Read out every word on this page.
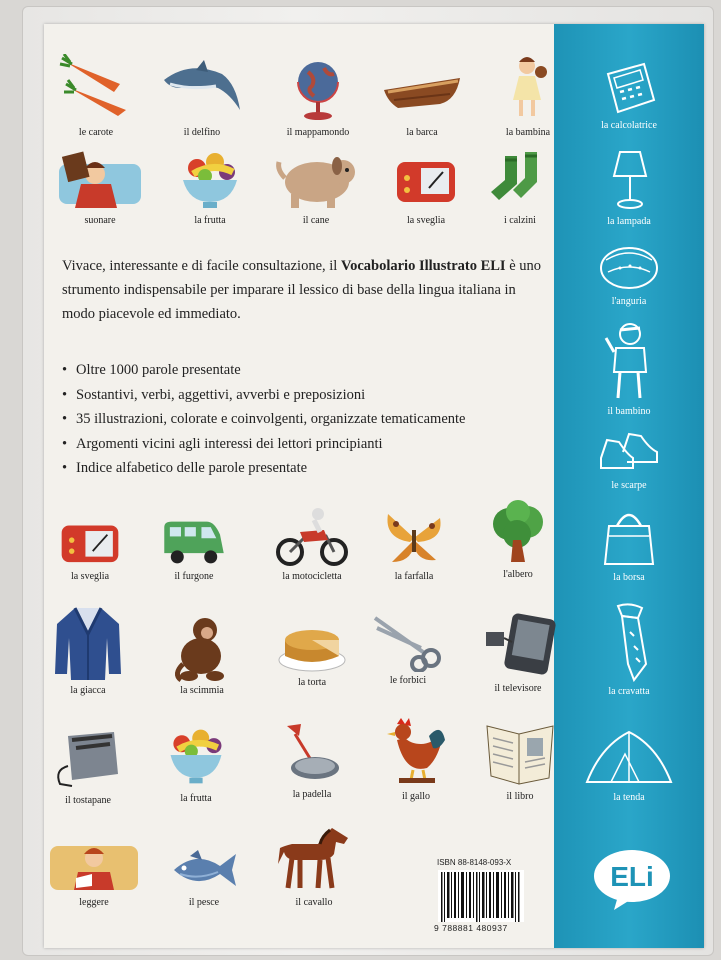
le carote	il delfino	il mappamondo	la barca	la bambina
suonare	la frutta	il cane	la sveglia	i calzini
Vivace, interessante e di facile consultazione, il Vocabolario Illustrato ELI è uno strumento indispensabile per imparare il lessico di base della lingua italiana in modo piacevole ed immediato.
• Oltre 1000 parole presentate
• Sostantivi, verbi, aggettivi, avverbi e preposizioni
• 35 illustrazioni, colorate e coinvolgenti, organizzate tematicamente
• Argomenti vicini agli interessi dei lettori principianti
• Indice alfabetico delle parole presentate
la sveglia	il furgone	la motocicletta	la farfalla	l'albero
la giacca	la scimmia
la torta	le forbici
il televisore
il tostapane	la frutta	la padella	il gallo	il libro
leggere	il pesce	il cavallo
ISBN 88-8148-093-X
9 788881 480937
la calcolatrice
la lampada
l'anguria
il bambino
le scarpe
la borsa
la cravatta
la tenda
ELi
